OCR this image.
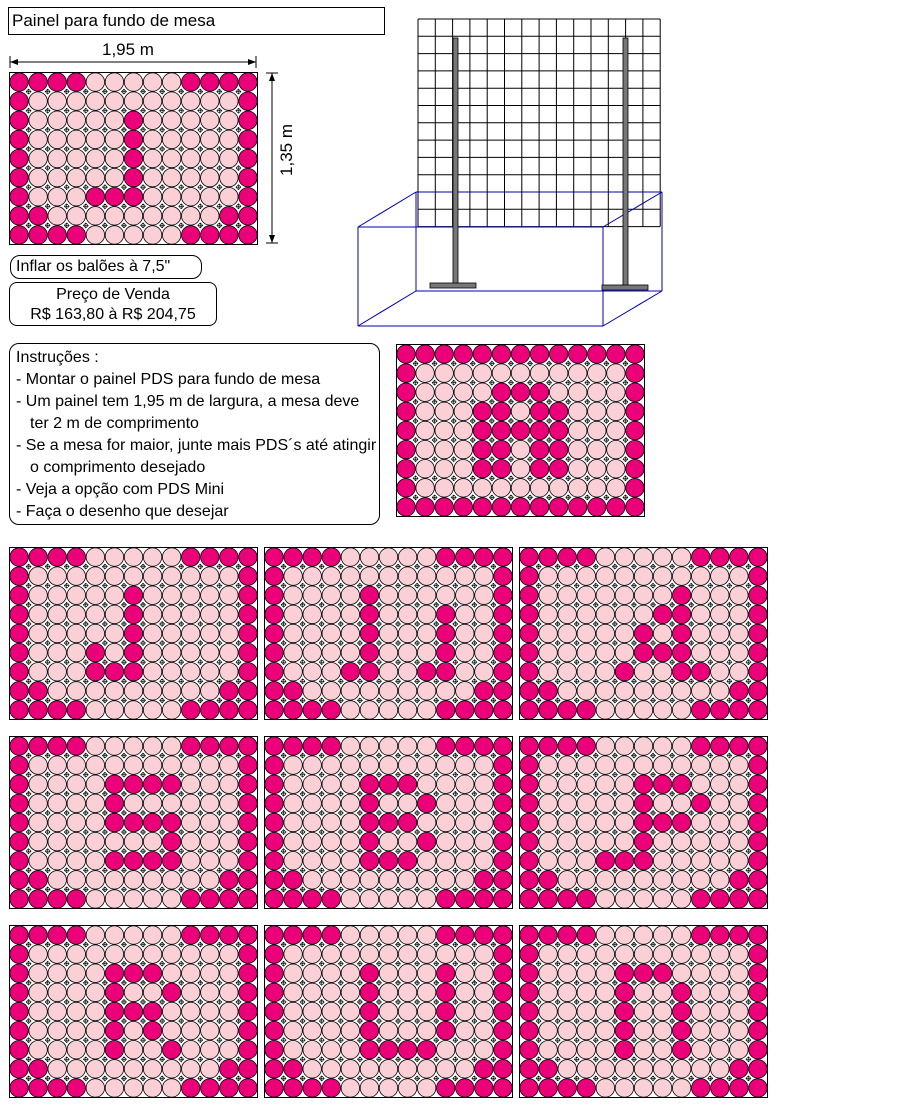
Painel para fundo de mesa
1,95 m
1,35 m
Inflar os balões à 7,5"
Preço de Venda
R$ 163,80 à R$ 204,75
Instruções :
- Montar o painel PDS para fundo de mesa
- Um painel tem 1,95 m de largura, a mesa deve ter 2 m de comprimento
- Se a mesa for maior, junte mais PDS´s até atingir o comprimento desejado
- Veja a opção com PDS Mini
- Faça o desenho que desejar
